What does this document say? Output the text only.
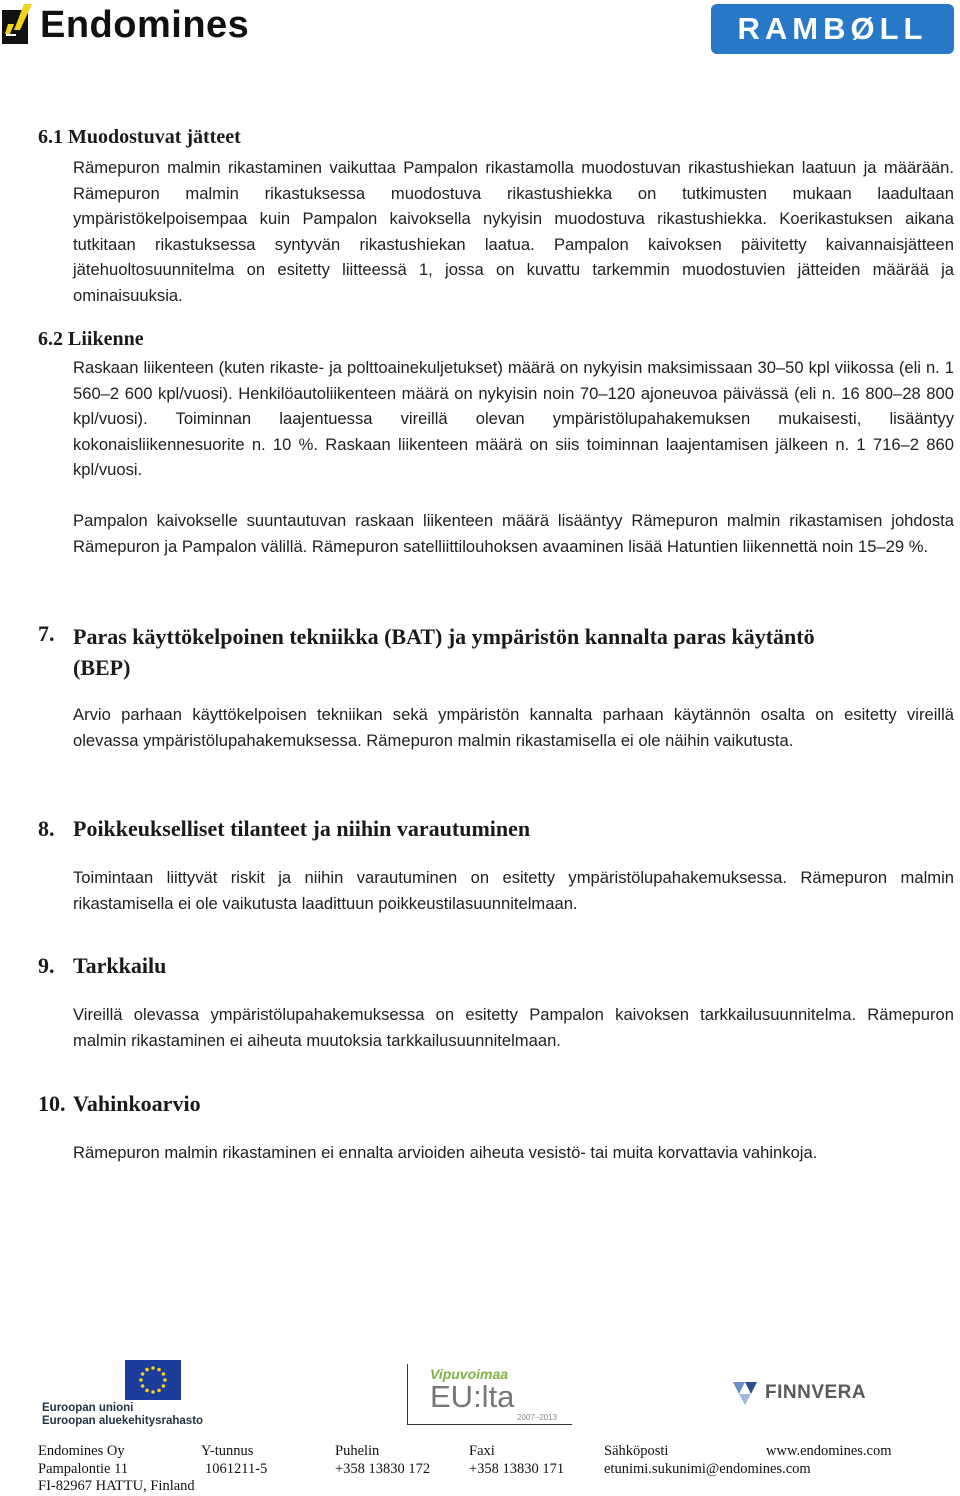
Endomines	RAMBØLL
6.1 Muodostuvat jätteet
Rämepuron malmin rikastaminen vaikuttaa Pampalon rikastamolla muodostuvan rikastushiekan laatuun ja määrään. Rämepuron malmin rikastuksessa muodostuva rikastushiekka on tutkimusten mukaan laadultaan ympäristökelpoisempaa kuin Pampalon kaivoksella nykyisin muodostuva rikastushiekka. Koerikastuksen aikana tutkitaan rikastuksessa syntyvän rikastushiekan laatua. Pampalon kaivoksen päivitetty kaivannaisjätteen jätehuoltosuunnitelma on esitetty liitteessä 1, jossa on kuvattu tarkemmin muodostuvien jätteiden määrää ja ominaisuuksia.
6.2 Liikenne
Raskaan liikenteen (kuten rikaste- ja polttoainekuljetukset) määrä on nykyisin maksimissaan 30–50 kpl viikossa (eli n. 1 560–2 600 kpl/vuosi). Henkilöautoliikenteen määrä on nykyisin noin 70–120 ajoneuvoa päivässä (eli n. 16 800–28 800 kpl/vuosi). Toiminnan laajentuessa vireillä olevan ympäristölupahakemuksen mukaisesti, lisääntyy kokonaisliikennesuorite n. 10 %. Raskaan liikenteen määrä on siis toiminnan laajentamisen jälkeen n. 1 716–2 860 kpl/vuosi.
Pampalon kaivokselle suuntautuvan raskaan liikenteen määrä lisääntyy Rämepuron malmin rikastamisen johdosta Rämepuron ja Pampalon välillä. Rämepuron satelliittilouhoksen avaaminen lisää Hatuntien liikennettä noin 15–29 %.
7. Paras käyttökelpoinen tekniikka (BAT) ja ympäristön kannalta paras käytäntö
(BEP)
Arvio parhaan käyttökelpoisen tekniikan sekä ympäristön kannalta parhaan käytännön osalta on esitetty vireillä olevassa ympäristölupahakemuksessa. Rämepuron malmin rikastamisella ei ole näihin vaikutusta.
8. Poikkeukselliset tilanteet ja niihin varautuminen
Toimintaan liittyvät riskit ja niihin varautuminen on esitetty ympäristölupahakemuksessa. Rämepuron malmin rikastamisella ei ole vaikutusta laadittuun poikkeustilasuunnitelmaan.
9. Tarkkailu
Vireillä olevassa ympäristölupahakemuksessa on esitetty Pampalon kaivoksen tarkkailusuunnitelma. Rämepuron malmin rikastaminen ei aiheuta muutoksia tarkkailusuunnitelmaan.
10. Vahinkoarvio
Rämepuron malmin rikastaminen ei ennalta arvioiden aiheuta vesistö- tai muita korvattavia vahinkoja.
Euroopan unioni
Euroopan aluekehitysrahasto
Vipuvoimaa
EU:lta
2007–2013
FINNVERA
Endomines Oy
Pampalontie 11
FI-82967 HATTU, Finland
Y-tunnus
1061211-5
Puhelin
+358 13830 172
Faxi
+358 13830 171
Sähköposti
etunimi.sukunimi@endomines.com
www.endomines.com
